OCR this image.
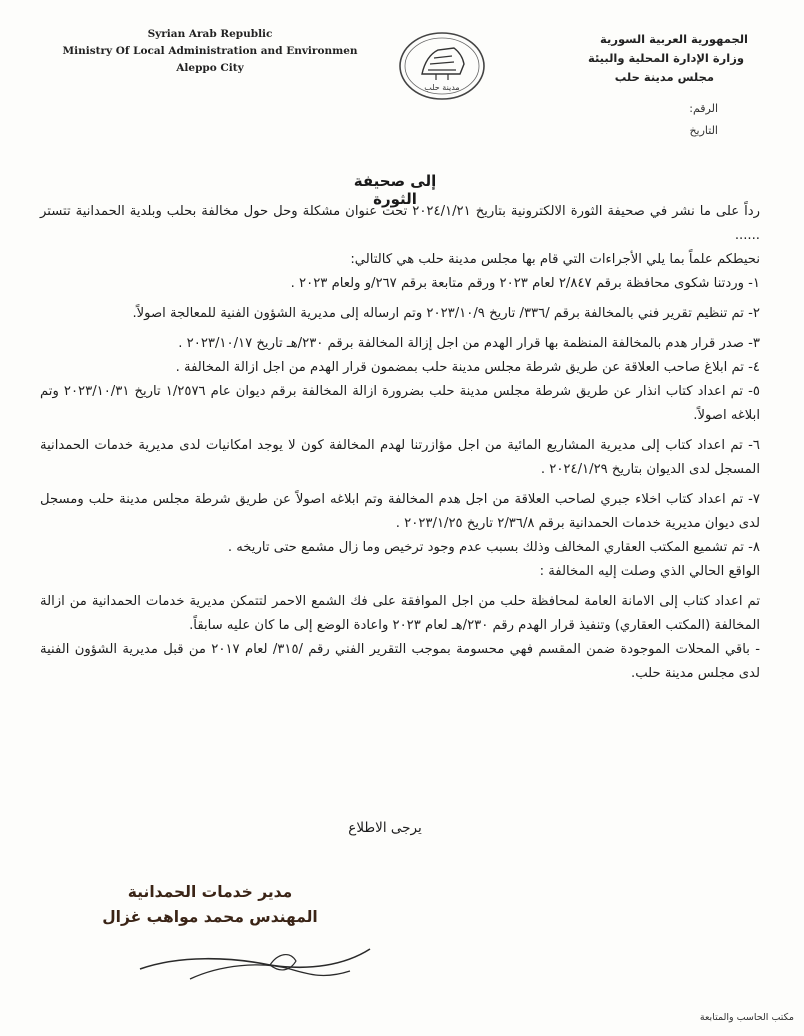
Syrian Arab Republic
Ministry Of Local Administration and Environmen
Aleppo City
مدينة حلب
الجمهورية العربية السورية
وزارة الإدارة المحلية والبيئة
مجلس مدينة حلب
الرقم:
التاريخ
إلى صحيفة الثورة

رداً على ما نشر في صحيفة الثورة الالكترونية بتاريخ ٢٠٢٤/١/٢١ تحت عنوان مشكلة وحل حول مخالفة بحلب وبلدية الحمدانية تتستر ......

نحيطكم علماً بما يلي الأجراءات التي قام بها مجلس مدينة حلب هي كالتالي:

١- وردتنا شكوى محافظة برقم ٢/٨٤٧ لعام ٢٠٢٣ ورقم متابعة برقم ٢٦٧/و ولعام ٢٠٢٣ .

٢- تم تنظيم تقرير فني بالمخالفة برقم /٣٣٦/ تاريخ ٢٠٢٣/١٠/٩ وتم ارساله إلى مديرية الشؤون الفنية للمعالجة اصولاً.

٣- صدر قرار هدم بالمخالفة المنظمة بها قرار الهدم من اجل إزالة المخالفة برقم ٢٣٠/هـ تاريخ ٢٠٢٣/١٠/١٧ .

٤- تم ابلاغ صاحب العلاقة عن طريق شرطة مجلس مدينة حلب بمضمون قرار الهدم من اجل ازالة المخالفة .

٥- تم اعداد كتاب انذار عن طريق شرطة مجلس مدينة حلب بضرورة ازالة المخالفة برقم ديوان عام ١/٢٥٧٦ تاريخ ٢٠٢٣/١٠/٣١ وتم ابلاغه اصولاً.

٦- تم اعداد كتاب إلى مديرية المشاريع المائية من اجل مؤازرتنا لهدم المخالفة كون لا يوجد امكانيات لدى مديرية خدمات الحمدانية المسجل لدى الديوان بتاريخ ٢٠٢٤/١/٢٩ .

٧- تم اعداد كتاب اخلاء جبري لصاحب العلاقة من اجل هدم المخالفة وتم ابلاغه اصولاً عن طريق شرطة مجلس مدينة حلب ومسجل لدى ديوان مديرية خدمات الحمدانية برقم ٢/٣٦/٨ تاريخ ٢٠٢٣/١/٢٥ .

٨- تم تشميع المكتب العقاري المخالف وذلك بسبب عدم وجود ترخيص وما زال مشمع حتى تاريخه .

الواقع الحالي الذي وصلت إليه المخالفة :

تم اعداد كتاب إلى الامانة العامة لمحافظة حلب من اجل الموافقة على فك الشمع الاحمر لتتمكن مديرية خدمات الحمدانية من ازالة المخالفة (المكتب العقاري) وتنفيذ قرار الهدم رقم ٢٣٠/هـ لعام ٢٠٢٣ واعادة الوضع إلى ما كان عليه سابقاً.

- باقي المحلات الموجودة ضمن المقسم فهي محسومة بموجب التقرير الفني رقم /٣١٥/ لعام ٢٠١٧ من قبل مديرية الشؤون الفنية لدى مجلس مدينة حلب.

يرجى الاطلاع
مدير خدمات الحمدانية
المهندس محمد مواهب غزال
مكتب الحاسب والمتابعة
